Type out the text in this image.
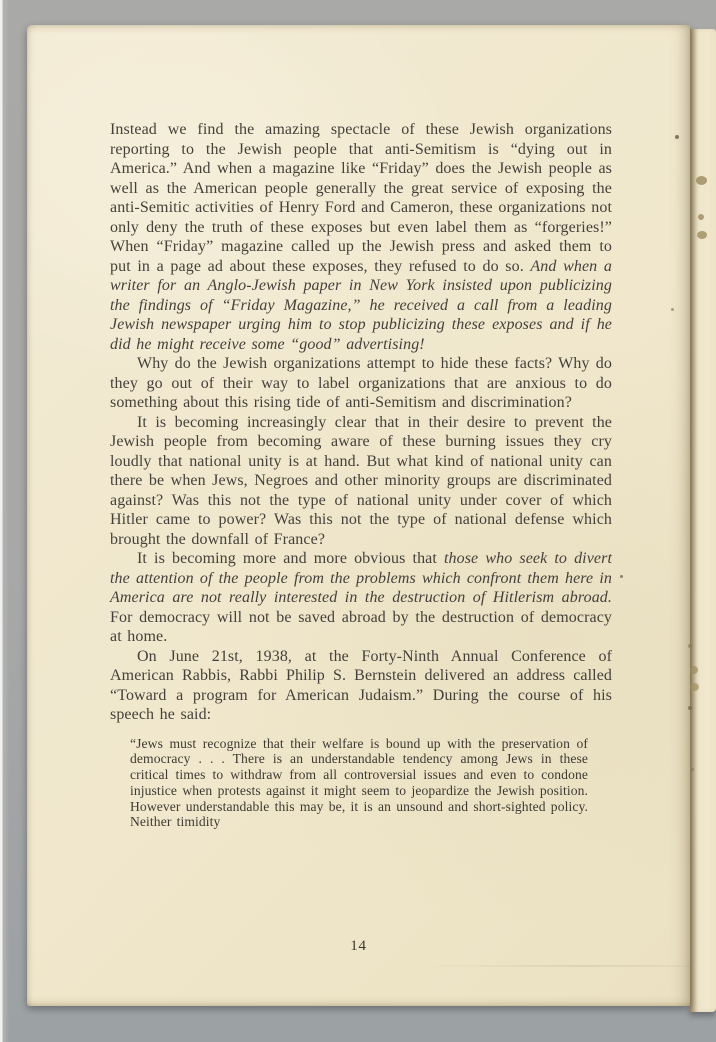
Instead we find the amazing spectacle of these Jewish organizations reporting to the Jewish people that anti-Semitism is “dying out in America.” And when a magazine like “Friday” does the Jewish people as well as the American people generally the great service of exposing the anti-Semitic activities of Henry Ford and Cameron, these organizations not only deny the truth of these exposes but even label them as “forgeries!” When “Friday” magazine called up the Jewish press and asked them to put in a page ad about these exposes, they refused to do so. And when a writer for an Anglo-Jewish paper in New York insisted upon publicizing the findings of “Friday Magazine,” he received a call from a leading Jewish newspaper urging him to stop publicizing these exposes and if he did he might receive some “good” advertising!

Why do the Jewish organizations attempt to hide these facts? Why do they go out of their way to label organizations that are anxious to do something about this rising tide of anti-Semitism and discrimination?

It is becoming increasingly clear that in their desire to prevent the Jewish people from becoming aware of these burning issues they cry loudly that national unity is at hand. But what kind of national unity can there be when Jews, Negroes and other minority groups are discriminated against? Was this not the type of national unity under cover of which Hitler came to power? Was this not the type of national defense which brought the downfall of France?

It is becoming more and more obvious that those who seek to divert the attention of the people from the problems which confront them here in America are not really interested in the destruction of Hitlerism abroad. For democracy will not be saved abroad by the destruction of democracy at home.

On June 21st, 1938, at the Forty-Ninth Annual Conference of American Rabbis, Rabbi Philip S. Bernstein delivered an address called “Toward a program for American Judaism.” During the course of his speech he said:

“Jews must recognize that their welfare is bound up with the preservation of democracy . . . There is an understandable tendency among Jews in these critical times to withdraw from all controversial issues and even to condone injustice when protests against it might seem to jeopardize the Jewish position. However understandable this may be, it is an unsound and short-sighted policy. Neither timidity

14
